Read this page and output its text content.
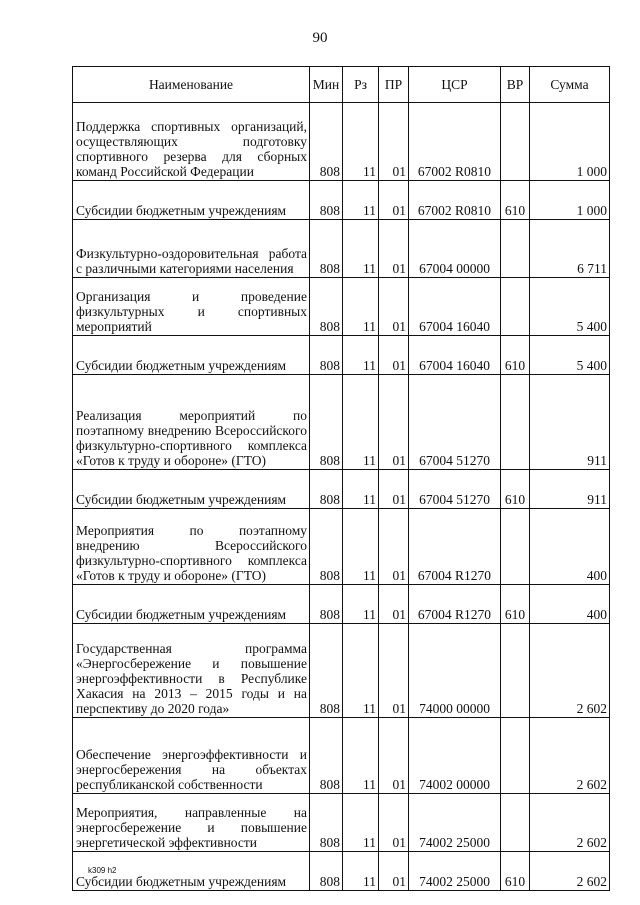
90
Наименование	Мин	Рз	ПР	ЦСР	ВР	Сумма
Поддержка спортивных организаций, осуществляющих подготовку спортивного резерва для сборных команд Российской Федерации	808	11	01	67002 R0810		1 000
Субсидии бюджетным учреждениям	808	11	01	67002 R0810	610	1 000
Физкультурно-оздоровительная работа с различными категориями населения	808	11	01	67004 00000		6 711
Организация и проведение физкультурных и спортивных мероприятий	808	11	01	67004 16040		5 400
Субсидии бюджетным учреждениям	808	11	01	67004 16040	610	5 400
Реализация мероприятий по поэтапному внедрению Всероссийского физкультурно-спортивного комплекса «Готов к труду и обороне» (ГТО)	808	11	01	67004 51270		911
Субсидии бюджетным учреждениям	808	11	01	67004 51270	610	911
Мероприятия по поэтапному внедрению Всероссийского физкультурно-спортивного комплекса «Готов к труду и обороне» (ГТО)	808	11	01	67004 R1270		400
Субсидии бюджетным учреждениям	808	11	01	67004 R1270	610	400
Государственная программа «Энергосбережение и повышение энергоэффективности в Республике Хакасия на 2013 – 2015 годы и на перспективу до 2020 года»	808	11	01	74000 00000		2 602
Обеспечение энергоэффективности и энергосбережения на объектах республиканской собственности	808	11	01	74002 00000		2 602
Мероприятия, направленные на энергосбережение и повышение энергетической эффективности	808	11	01	74002 25000		2 602
Субсидии бюджетным учреждениям	808	11	01	74002 25000	610	2 602
k309 h2
